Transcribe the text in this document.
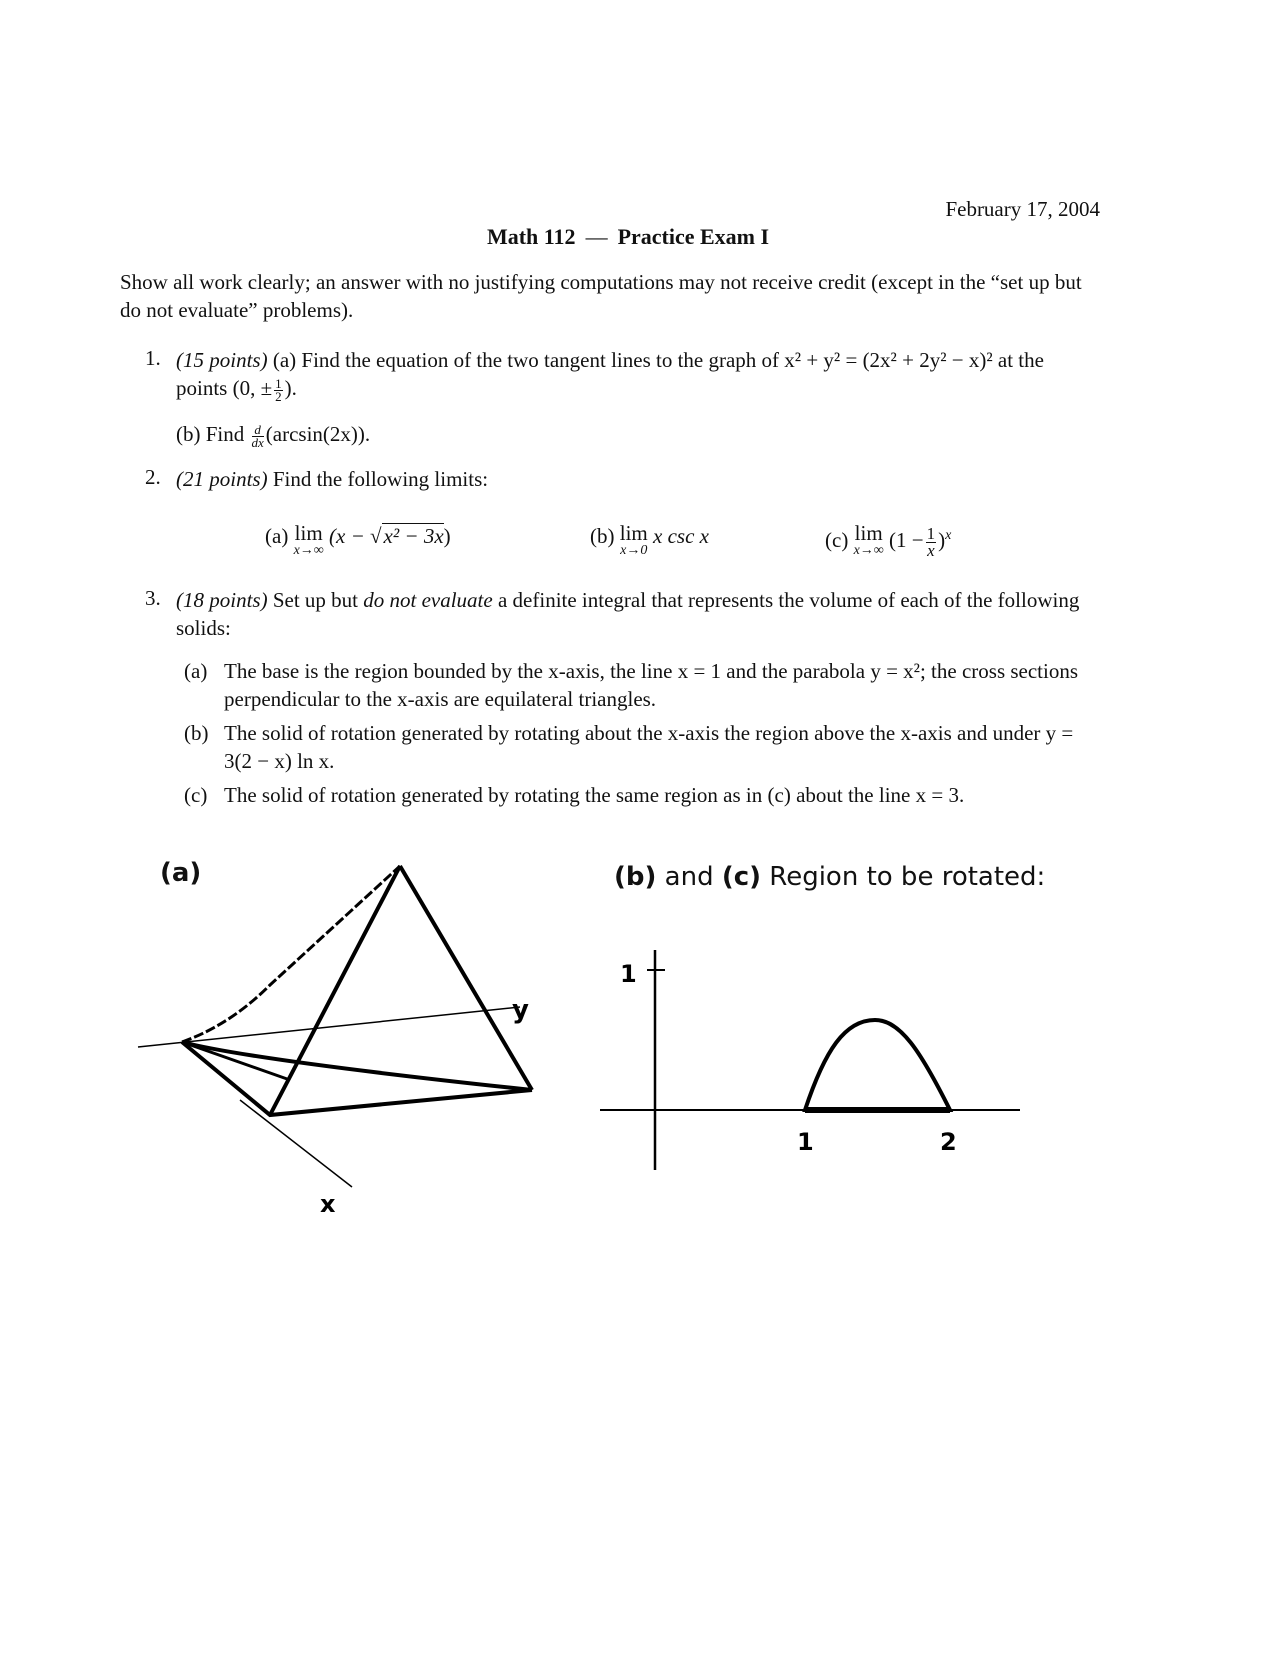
February 17, 2004
Math 112 — Practice Exam I
Show all work clearly; an answer with no justifying computations may not receive credit (except in the “set up but do not evaluate” problems).
1. (15 points) (a) Find the equation of the two tangent lines to the graph of x² + y² = (2x² + 2y² − x)² at the points (0, ± $\frac{1}{2}$ ).
(b) Find $\frac{d}{dx} (\arcsin(2x))$.
2. (21 points) Find the following limits:
(a) lim
x→∞
(x − √x² − 3x)	(b) lim
x→0
x csc x	(c) lim
x→∞ $(1 - \frac{1}{x} )^x$
3. (18 points) Set up but do not evaluate a definite integral that represents the volume of each of the following solids:
(a) The base is the region bounded by the x-axis, the line x = 1 and the parabola y = x²; the cross sections perpendicular to the x-axis are equilateral triangles.
(b) The solid of rotation generated by rotating about the x-axis the region above the x-axis and under y = 3(2 − x) ln x.
(c) The solid of rotation generated by rotating the same region as in (c) about the line x = 3.
(a)
y
x
(b) and (c) Region to be rotated:
1
1	2
